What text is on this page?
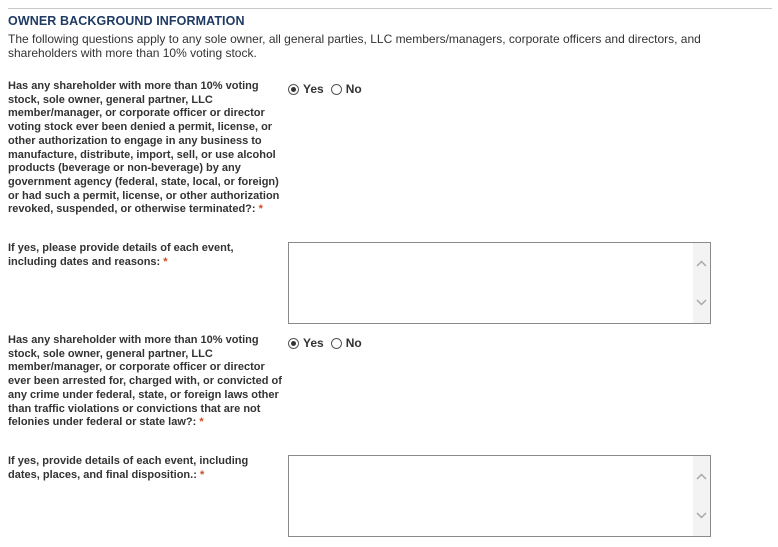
OWNER BACKGROUND INFORMATION
The following questions apply to any sole owner, all general parties, LLC members/managers, corporate officers and directors, and shareholders with more than 10% voting stock.
Has any shareholder with more than 10% voting stock, sole owner, general partner, LLC member/manager, or corporate officer or director voting stock ever been denied a permit, license, or other authorization to engage in any business to manufacture, distribute, import, sell, or use alcohol products (beverage or non-beverage) by any government agency (federal, state, local, or foreign) or had such a permit, license, or other authorization revoked, suspended, or otherwise terminated?: *
Yes No
If yes, please provide details of each event, including dates and reasons: *
Has any shareholder with more than 10% voting stock, sole owner, general partner, LLC member/manager, or corporate officer or director ever been arrested for, charged with, or convicted of any crime under federal, state, or foreign laws other than traffic violations or convictions that are not felonies under federal or state law?: *
Yes No
If yes, provide details of each event, including dates, places, and final disposition.: *
